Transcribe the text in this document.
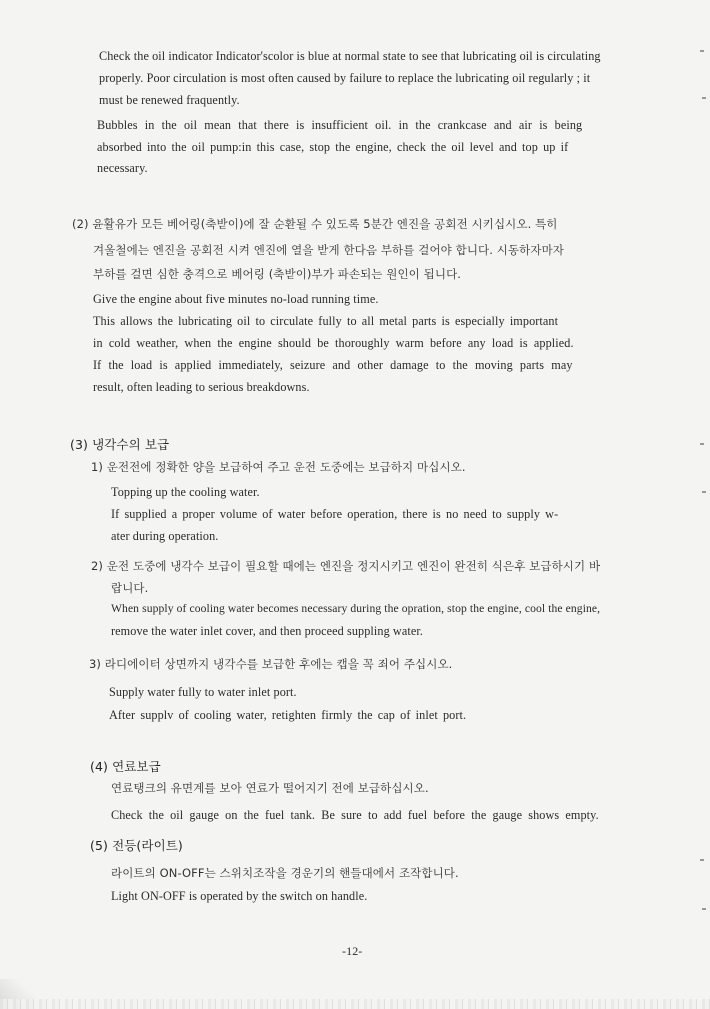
Check the oil indicator Indicator'scolor is blue at normal state to see that lubricating oil is circulating
properly. Poor circulation is most often caused by failure to replace the lubricating oil regularly ; it
must be renewed fraquently.
Bubbles in the oil mean that there is insufficient oil. in the crankcase and air is being
absorbed into the oil pump:in this case, stop the engine, check the oil level and top up if
necessary.
(2) 윤활유가 모든 베어링(축받이)에 잘 순환될 수 있도록 5분간 엔진을 공회전 시키십시오. 특히
겨울철에는 엔진을 공회전 시켜 엔진에 열을 받게 한다음 부하를 걸어야 합니다. 시동하자마자
부하를 걸면 심한 충격으로 베어링 (축받이)부가 파손되는 원인이 됩니다.
Give the engine about five minutes no-load running time.
This allows the lubricating oil to circulate fully to all metal parts is especially important
in cold weather, when the engine should be thoroughly warm before any load is applied.
If the load is applied immediately, seizure and other damage to the moving parts may
result, often leading to serious breakdowns.
(3) 냉각수의 보급
1) 운전전에 정확한 양을 보급하여 주고 운전 도중에는 보급하지 마십시오.
Topping up the cooling water.
If supplied a proper volume of water before operation, there is no need to supply w-
ater during operation.
2) 운전 도중에 냉각수 보급이 필요할 때에는 엔진을 정지시키고 엔진이 완전히 식은후 보급하시기 바
랍니다.
When supply of cooling water becomes necessary during the opration, stop the engine, cool the engine,
remove the water inlet cover, and then proceed suppling water.
3) 라디에이터 상면까지 냉각수를 보급한 후에는 캡을 꼭 죄어 주십시오.
Supply water fully to water inlet port.
After supplv of cooling water, retighten firmly the cap of inlet port.
(4) 연료보급
연료탱크의 유면계를 보아 연료가 떨어지기 전에 보급하십시오.
Check the oil gauge on the fuel tank. Be sure to add fuel before the gauge shows empty.
(5) 전등(라이트)
라이트의 ON-OFF는 스위치조작을 경운기의 핸들대에서 조작합니다.
Light ON-OFF is operated by the switch on handle.
-12-
